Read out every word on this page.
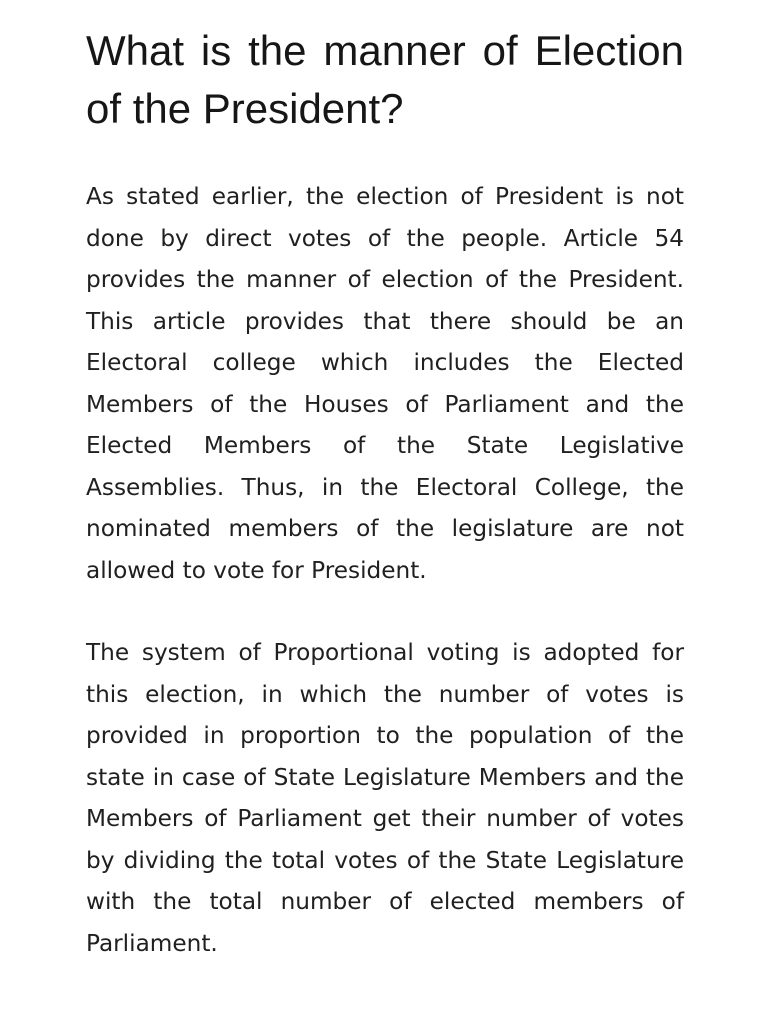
What is the manner of Election of the President?

As stated earlier, the election of President is not done by direct votes of the people. Article 54 provides the manner of election of the President. This article provides that there should be an Electoral college which includes the Elected Members of the Houses of Parliament and the Elected Members of the State Legislative Assemblies. Thus, in the Electoral College, the nominated members of the legislature are not allowed to vote for President.

The system of Proportional voting is adopted for this election, in which the number of votes is provided in proportion to the population of the state in case of State Legislature Members and the Members of Parliament get their number of votes by dividing the total votes of the State Legislature with the total number of elected members of Parliament.
